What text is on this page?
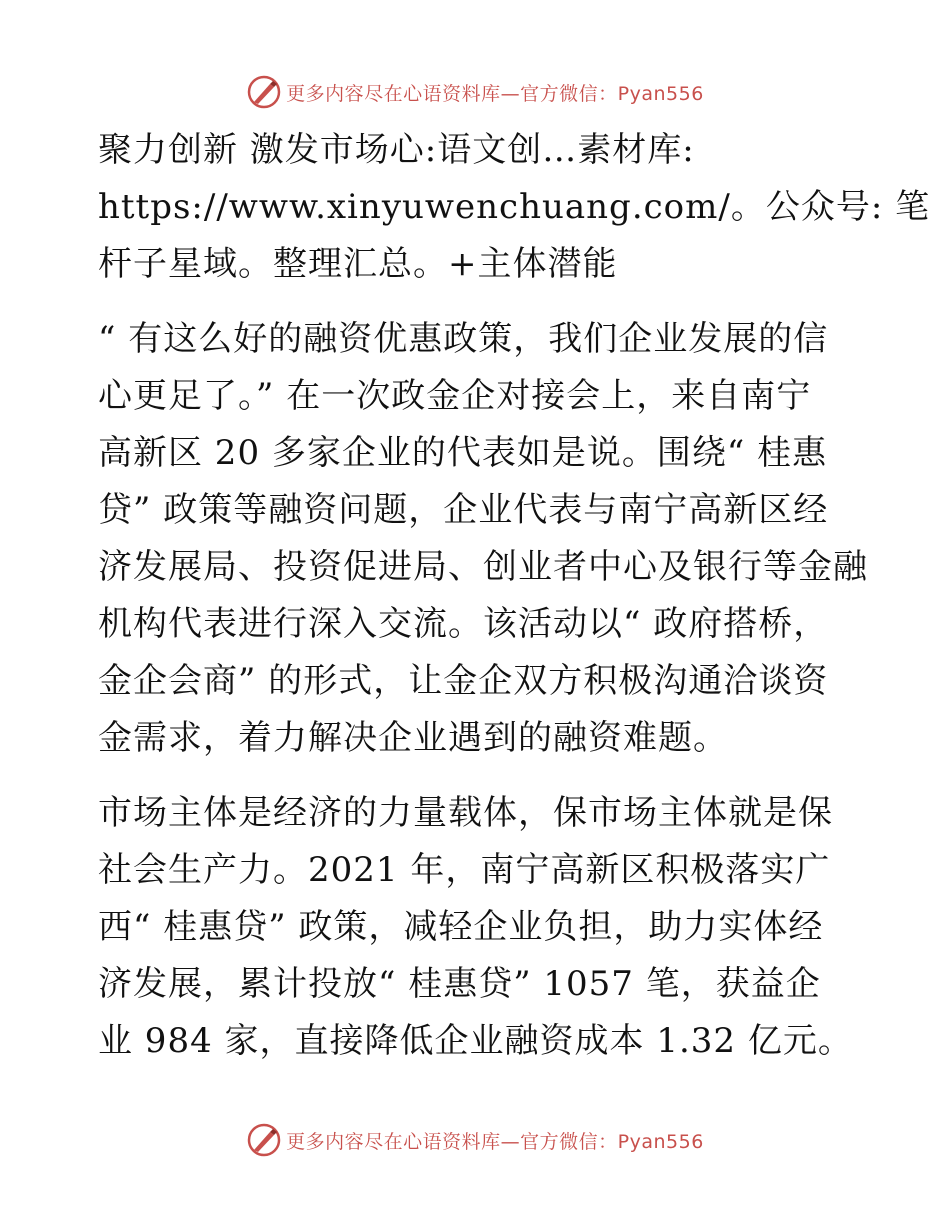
更多内容尽在心语资料库—官方微信：Pyan556

聚力创新 激发市场心:语文创…素材库:
https://www.xinyuwenchuang.com/。公众号: 笔
杆子星域。整理汇总。+主体潜能

“ 有这么好的融资优惠政策，我们企业发展的信
心更足了。” 在一次政金企对接会上，来自南宁
高新区 20 多家企业的代表如是说。围绕“ 桂惠
贷” 政策等融资问题，企业代表与南宁高新区经
济发展局、投资促进局、创业者中心及银行等金融
机构代表进行深入交流。该活动以“ 政府搭桥，
金企会商” 的形式，让金企双方积极沟通洽谈资
金需求，着力解决企业遇到的融资难题。

市场主体是经济的力量载体，保市场主体就是保
社会生产力。2021 年，南宁高新区积极落实广
西“ 桂惠贷” 政策，减轻企业负担，助力实体经
济发展，累计投放“ 桂惠贷” 1057 笔，获益企
业 984 家，直接降低企业融资成本 1.32 亿元。

更多内容尽在心语资料库—官方微信：Pyan556
